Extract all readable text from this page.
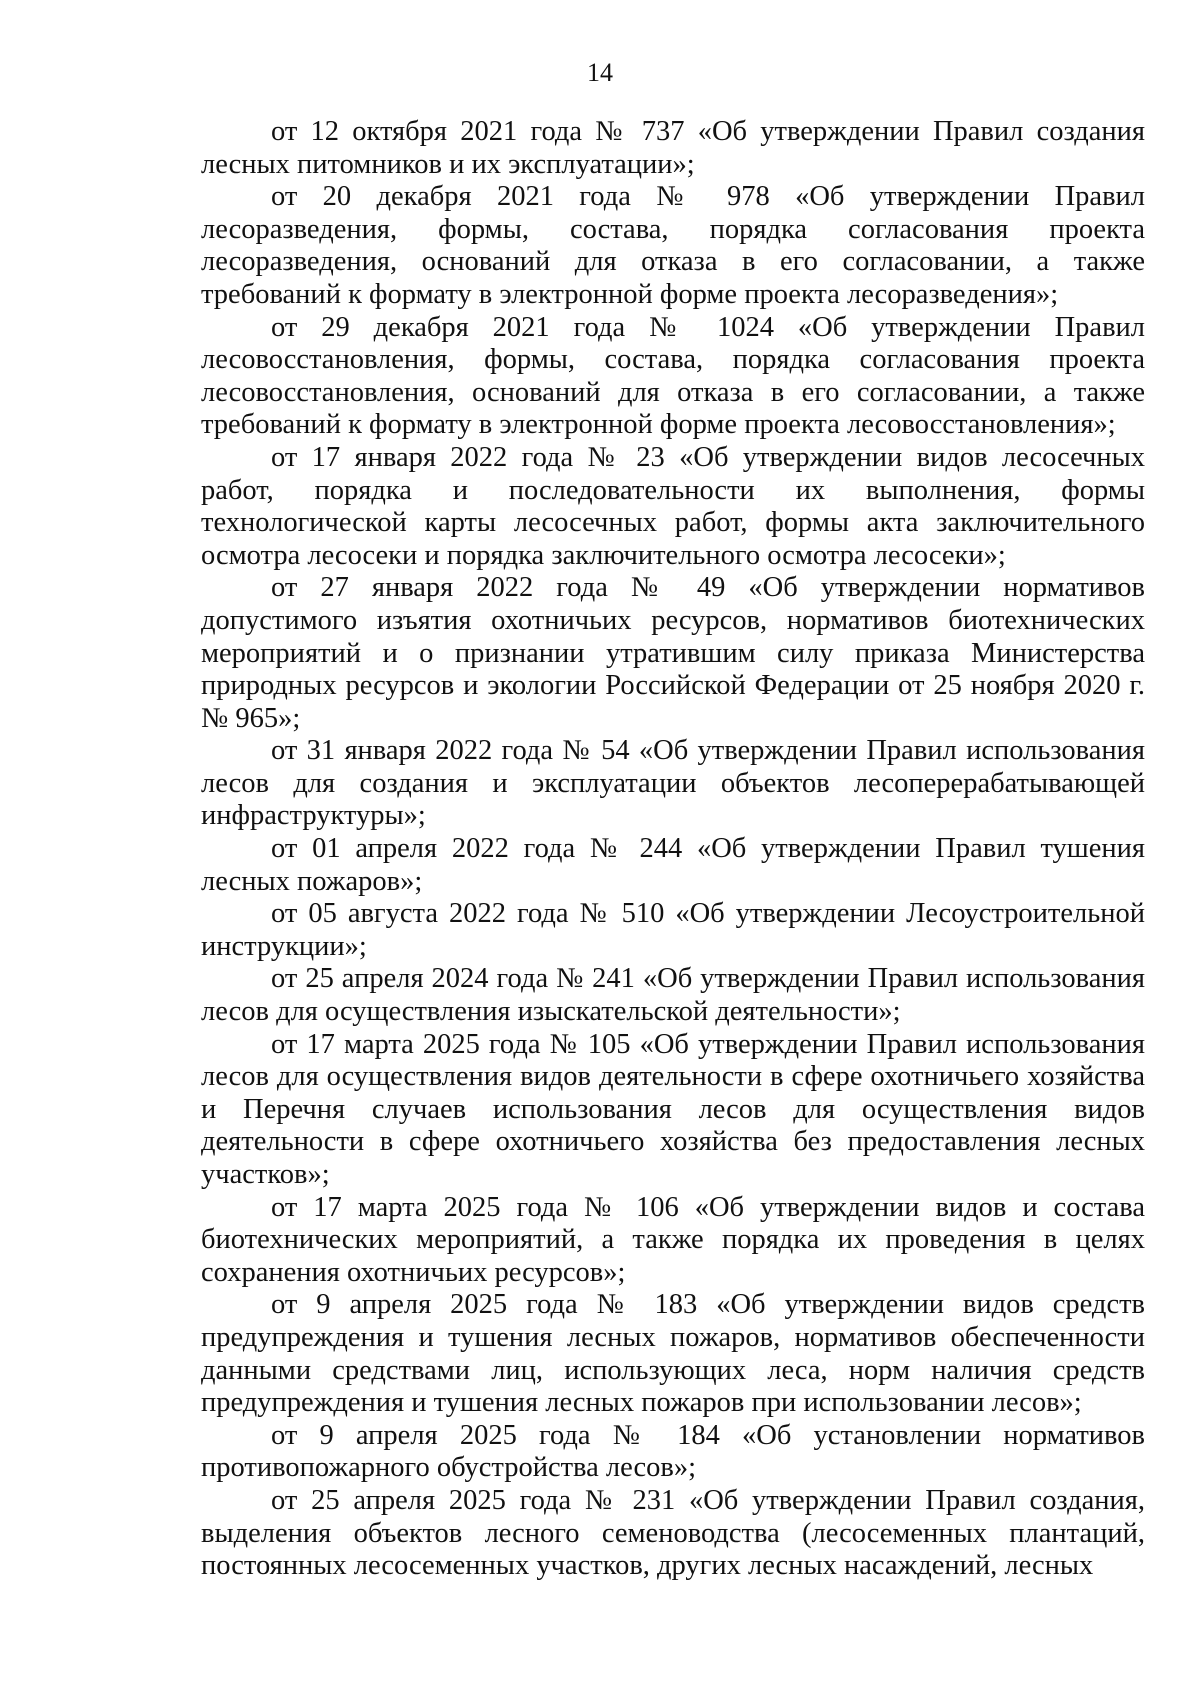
14

от 12 октября 2021 года № 737 «Об утверждении Правил создания лесных питомников и их эксплуатации»;

от 20 декабря 2021 года № 978 «Об утверждении Правил лесоразведения, формы, состава, порядка согласования проекта лесоразведения, оснований для отказа в его согласовании, а также требований к формату в электронной форме проекта лесоразведения»;

от 29 декабря 2021 года № 1024 «Об утверждении Правил лесовосстановления, формы, состава, порядка согласования проекта лесовосстановления, оснований для отказа в его согласовании, а также требований к формату в электронной форме проекта лесовосстановления»;

от 17 января 2022 года № 23 «Об утверждении видов лесосечных работ, порядка и последовательности их выполнения, формы технологической карты лесосечных работ, формы акта заключительного осмотра лесосеки и порядка заключительного осмотра лесосеки»;

от 27 января 2022 года № 49 «Об утверждении нормативов допустимого изъятия охотничьих ресурсов, нормативов биотехнических мероприятий и о признании утратившим силу приказа Министерства природных ресурсов и экологии Российской Федерации от 25 ноября 2020 г. № 965»;

от 31 января 2022 года № 54 «Об утверждении Правил использования лесов для создания и эксплуатации объектов лесоперерабатывающей инфраструктуры»;

от 01 апреля 2022 года № 244 «Об утверждении Правил тушения лесных пожаров»;

от 05 августа 2022 года № 510 «Об утверждении Лесоустроительной инструкции»;

от 25 апреля 2024 года № 241 «Об утверждении Правил использования лесов для осуществления изыскательской деятельности»;

от 17 марта 2025 года № 105 «Об утверждении Правил использования лесов для осуществления видов деятельности в сфере охотничьего хозяйства и Перечня случаев использования лесов для осуществления видов деятельности в сфере охотничьего хозяйства без предоставления лесных участков»;

от 17 марта 2025 года № 106 «Об утверждении видов и состава биотехнических мероприятий, а также порядка их проведения в целях сохранения охотничьих ресурсов»;

от 9 апреля 2025 года № 183 «Об утверждении видов средств предупреждения и тушения лесных пожаров, нормативов обеспеченности данными средствами лиц, использующих леса, норм наличия средств предупреждения и тушения лесных пожаров при использовании лесов»;

от 9 апреля 2025 года № 184 «Об установлении нормативов противопожарного обустройства лесов»;

от 25 апреля 2025 года № 231 «Об утверждении Правил создания, выделения объектов лесного семеноводства (лесосеменных плантаций, постоянных лесосеменных участков, других лесных насаждений, лесных
